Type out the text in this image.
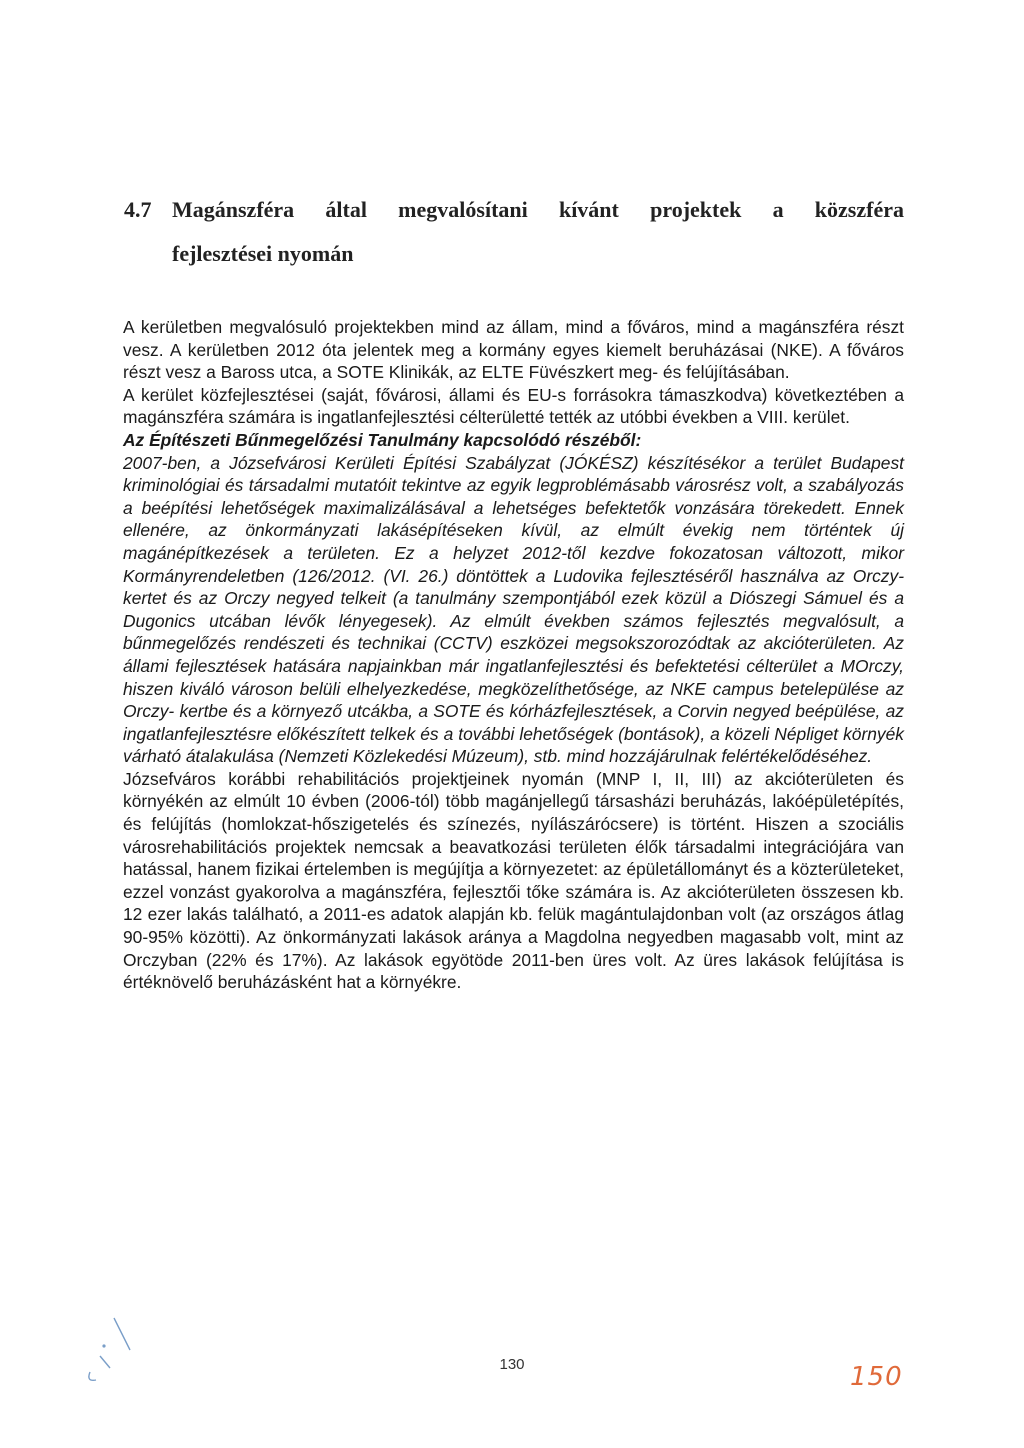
4.7 Magánszféra által megvalósítani kívánt projektek a közszféra
fejlesztései nyomán

A kerületben megvalósuló projektekben mind az állam, mind a főváros, mind a magánszféra részt vesz. A kerületben 2012 óta jelentek meg a kormány egyes kiemelt beruházásai (NKE). A főváros részt vesz a Baross utca, a SOTE Klinikák, az ELTE Füvészkert meg- és felújításában.

A kerület közfejlesztései (saját, fővárosi, állami és EU-s forrásokra támaszkodva) következtében a magánszféra számára is ingatlanfejlesztési célterületté tették az utóbbi években a VIII. kerület.

Az Építészeti Bűnmegelőzési Tanulmány kapcsolódó részéből:

2007-ben, a Józsefvárosi Kerületi Építési Szabályzat (JÓKÉSZ) készítésékor a terület Budapest kriminológiai és társadalmi mutatóit tekintve az egyik legproblémásabb városrész volt, a szabályozás a beépítési lehetőségek maximalizálásával a lehetséges befektetők vonzására törekedett. Ennek ellenére, az önkormányzati lakásépítéseken kívül, az elmúlt évekig nem történtek új magánépítkezések a területen. Ez a helyzet 2012-től kezdve fokozatosan változott, mikor Kormányrendeletben (126/2012. (VI. 26.) döntöttek a Ludovika fejlesztéséről használva az Orczy-kertet és az Orczy negyed telkeit (a tanulmány szempontjából ezek közül a Diószegi Sámuel és a Dugonics utcában lévők lényegesek). Az elmúlt években számos fejlesztés megvalósult, a bűnmegelőzés rendészeti és technikai (CCTV) eszközei megsokszorozódtak az akcióterületen. Az állami fejlesztések hatására napjainkban már ingatlanfejlesztési és befektetési célterület a MOrczy, hiszen kiváló városon belüli elhelyezkedése, megközelíthetősége, az NKE campus betelepülése az Orczy- kertbe és a környező utcákba, a SOTE és kórházfejlesztések, a Corvin negyed beépülése, az ingatlanfejlesztésre előkészített telkek és a további lehetőségek (bontások), a közeli Népliget környék várható átalakulása (Nemzeti Közlekedési Múzeum), stb. mind hozzájárulnak felértékelődéséhez.

Józsefváros korábbi rehabilitációs projektjeinek nyomán (MNP I, II, III) az akcióterületen és környékén az elmúlt 10 évben (2006-tól) több magánjellegű társasházi beruházás, lakóépületépítés, és felújítás (homlokzat-hőszigetelés és színezés, nyílászárócsere) is történt. Hiszen a szociális városrehabilitációs projektek nemcsak a beavatkozási területen élők társadalmi integrációjára van hatással, hanem fizikai értelemben is megújítja a környezetet: az épületállományt és a közterületeket, ezzel vonzást gyakorolva a magánszféra, fejlesztői tőke számára is. Az akcióterületen összesen kb. 12 ezer lakás található, a 2011-es adatok alapján kb. felük magántulajdonban volt (az országos átlag 90-95% közötti). Az önkormányzati lakások aránya a Magdolna negyedben magasabb volt, mint az Orczyban (22% és 17%). Az lakások egyötöde 2011-ben üres volt. Az üres lakások felújítása is értéknövelő beruházásként hat a környékre.

130	150
